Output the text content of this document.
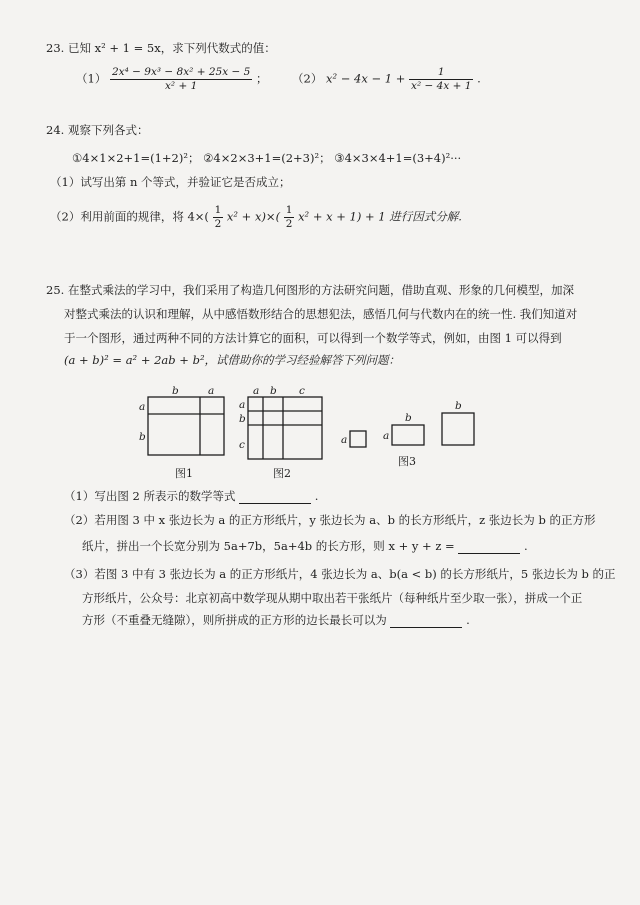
23. 已知 x² + 1 = 5x，求下列代数式的值：
$(1) \frac{\text{2x⁴ − 9x³ − 8x² + 25x − 5}}{\text{x² + 1}}$ ； （2） $x^2 - 4x - 1 + \frac{1}{\text{x² − 4x + 1}}$ .
24. 观察下列各式：
①4×1×2+1=(1+2)²； ②4×2×3+1=(2+3)²； ③4×3×4+1=(3+4)²···
（1）试写出第 n 个等式，并验证它是否成立；
（2）利用前面的规律，将 $4\times( \frac{1}{2} x^2 + x)\times( \frac{1}{2} x^2 + x + 1) + 1$ 进行因式分解.
25. 在整式乘法的学习中，我们采用了构造几何图形的方法研究问题，借助直观、形象的几何模型，加深
对整式乘法的认识和理解，从中感悟数形结合的思想犯法，感悟几何与代数内在的统一性. 我们知道对
于一个图形，通过两种不同的方法计算它的面积，可以得到一个数学等式，例如，由图 1 可以得到
(a + b)² = a² + 2ab + b²，试借助你的学习经验解答下列问题：
b	a
a
b
a b c
a
b
c	a	a
b
b
图1	图2
图3
（1）写出图 2 所表示的数学等式	.
（2）若用图 3 中 x 张边长为 a 的正方形纸片，y 张边长为 a、b 的长方形纸片，z 张边长为 b 的正方形
纸片，拼出一个长宽分别为 5a+7b，5a+4b 的长方形，则 x + y + z =	.
（3）若图 3 中有 3 张边长为 a 的正方形纸片，4 张边长为 a、b(a < b) 的长方形纸片，5 张边长为 b 的正
方形纸片，公众号：北京初高中数学现从期中取出若干张纸片（每种纸片至少取一张），拼成一个正
方形（不重叠无缝隙），则所拼成的正方形的边长最长可以为	.
